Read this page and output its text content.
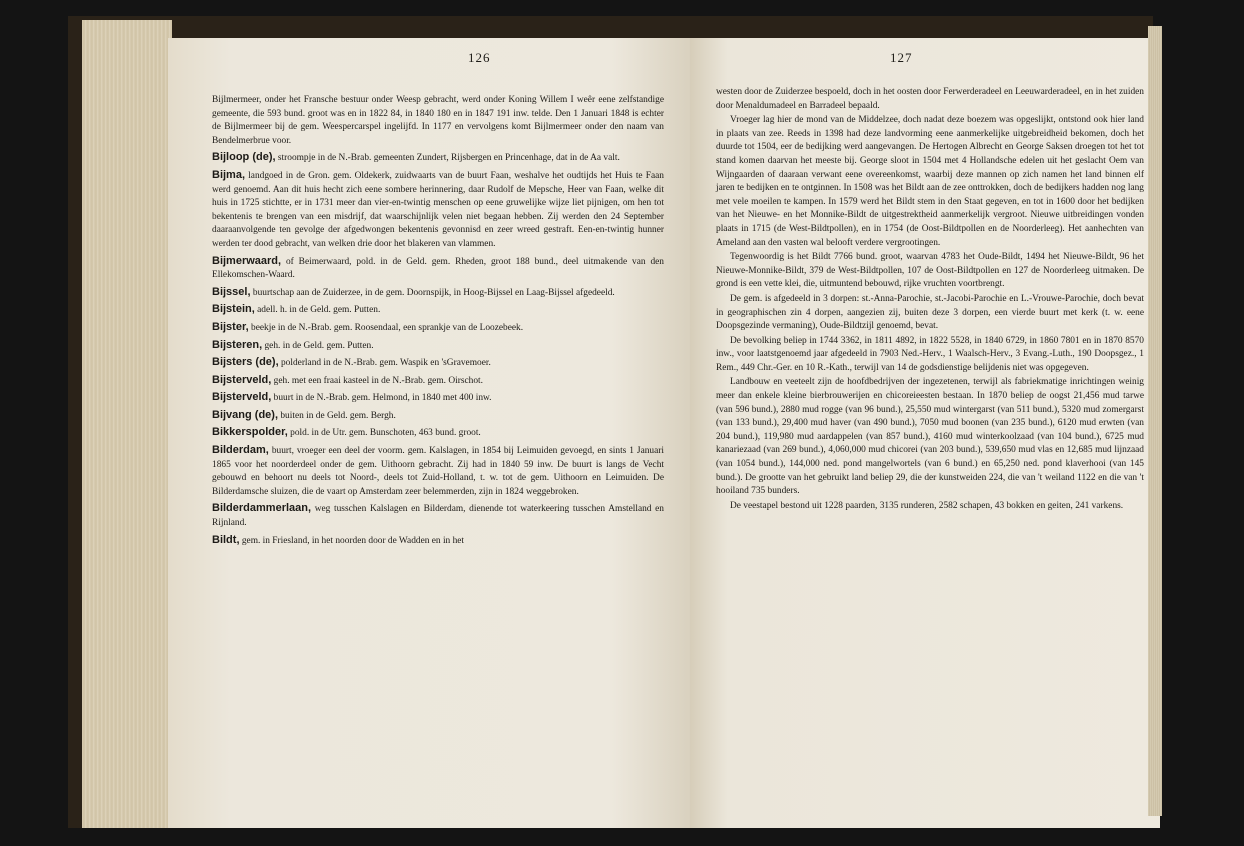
126

Bijlmermeer, onder het Fransche bestuur onder Weesp gebracht, werd onder Koning Willem I weêr eene zelfstandige gemeente, die 593 bund. groot was en in 1822 84, in 1840 180 en in 1847 191 inw. telde. Den 1 Januari 1848 is echter de Bijlmermeer bij de gem. Weespercarspel ingelijfd. In 1177 en vervolgens komt Bijlmermeer onder den naam van Bendelmerbrue voor.

Bijloop (de), stroompje in de N.-Brab. gemeenten Zundert, Rijsbergen en Princenhage, dat in de Aa valt.

Bijma, landgoed in de Gron. gem. Oldekerk, zuidwaarts van de buurt Faan, weshalve het oudtijds het Huis te Faan werd genoemd. Aan dit huis hecht zich eene sombere herinnering, daar Rudolf de Mepsche, Heer van Faan, welke dit huis in 1725 stichtte, er in 1731 meer dan vier-en-twintig menschen op eene gruwelijke wijze liet pijnigen, om hen tot bekentenis te brengen van een misdrijf, dat waarschijnlijk velen niet begaan hebben. Zij werden den 24 September daaraanvolgende ten gevolge der afgedwongen bekentenis gevonnisd en zeer wreed gestraft. Een-en-twintig hunner werden ter dood gebracht, van welken drie door het blakeren van vlammen.

Bijmerwaard, of Beimerwaard, pold. in de Geld. gem. Rheden, groot 188 bund., deel uitmakende van den Ellekomschen-Waard.

Bijssel, buurtschap aan de Zuiderzee, in de gem. Doornspijk, in Hoog-Bijssel en Laag-Bijssel afgedeeld.

Bijstein, adell. h. in de Geld. gem. Putten.

Bijster, beekje in de N.-Brab. gem. Roosendaal, een sprankje van de Loozebeek.

Bijsteren, geh. in de Geld. gem. Putten.

Bijsters (de), polderland in de N.-Brab. gem. Waspik en 'sGravemoer.

Bijsterveld, geh. met een fraai kasteel in de N.-Brab. gem. Oirschot.

Bijsterveld, buurt in de N.-Brab. gem. Helmond, in 1840 met 400 inw.

Bijvang (de), buiten in de Geld. gem. Bergh.

Bikkerspolder, pold. in de Utr. gem. Bunschoten, 463 bund. groot.

Bilderdam, buurt, vroeger een deel der voorm. gem. Kalslagen, in 1854 bij Leimuiden gevoegd, en sints 1 Januari 1865 voor het noorderdeel onder de gem. Uithoorn gebracht. Zij had in 1840 59 inw. De buurt is langs de Vecht gebouwd en behoort nu deels tot Noord-, deels tot Zuid-Holland, t. w. tot de gem. Uithoorn en Leimuiden. De Bilderdamsche sluizen, die de vaart op Amsterdam zeer belemmerden, zijn in 1824 weggebroken.

Bilderdammerlaan, weg tusschen Kalslagen en Bilderdam, dienende tot waterkeering tusschen Amstelland en Rijnland.

Bildt, gem. in Friesland, in het noorden door de Wadden en in het

127

westen door de Zuiderzee bespoeld, doch in het oosten door Ferwerderadeel en Leeuwarderadeel, en in het zuiden door Menaldumadeel en Barradeel bepaald.

Vroeger lag hier de mond van de Middelzee, doch nadat deze boezem was opgeslijkt, ontstond ook hier land in plaats van zee. Reeds in 1398 had deze landvorming eene aanmerkelijke uitgebreidheid bekomen, doch het duurde tot 1504, eer de bedijking werd aangevangen. De Hertogen Albrecht en George Saksen droegen tot het tot stand komen daarvan het meeste bij. George sloot in 1504 met 4 Hollandsche edelen uit het geslacht Oem van Wijngaarden of daaraan verwant eene overeenkomst, waarbij deze mannen op zich namen het land binnen elf jaren te bedijken en te ontginnen. In 1508 was het Bildt aan de zee onttrokken, doch de bedijkers hadden nog lang met vele moeilen te kampen. In 1579 werd het Bildt stem in den Staat gegeven, en tot in 1600 door het bedijken van het Nieuwe- en het Monnike-Bildt de uitgestrektheid aanmerkelijk vergroot. Nieuwe uitbreidingen vonden plaats in 1715 (de West-Bildtpollen), en in 1754 (de Oost-Bildtpollen en de Noorderleeg). Het aanhechten van Ameland aan den vasten wal belooft verdere vergrootingen.

Tegenwoordig is het Bildt 7766 bund. groot, waarvan 4783 het Oude-Bildt, 1494 het Nieuwe-Bildt, 96 het Nieuwe-Monnike-Bildt, 379 de West-Bildtpollen, 107 de Oost-Bildtpollen en 127 de Noorderleeg uitmaken. De grond is een vette klei, die, uitmuntend bebouwd, rijke vruchten voortbrengt.

De gem. is afgedeeld in 3 dorpen: st.-Anna-Parochie, st.-Jacobi-Parochie en L.-Vrouwe-Parochie, doch bevat in geographischen zin 4 dorpen, aangezien zij, buiten deze 3 dorpen, een vierde buurt met kerk (t. w. eene Doopsgezinde vermaning), Oude-Bildtzijl genoemd, bevat.

De bevolking beliep in 1744 3362, in 1811 4892, in 1822 5528, in 1840 6729, in 1860 7801 en in 1870 8570 inw., voor laatstgenoemd jaar afgedeeld in 7903 Ned.-Herv., 1 Waalsch-Herv., 3 Evang.-Luth., 190 Doopsgez., 1 Rem., 449 Chr.-Ger. en 10 R.-Kath., terwijl van 14 de godsdienstige belijdenis niet was opgegeven.

Landbouw en veeteelt zijn de hoofdbedrijven der ingezetenen, terwijl als fabriekmatige inrichtingen weinig meer dan enkele kleine bierbrouwerijen en chicoreieesten bestaan. In 1870 beliep de oogst 21,456 mud tarwe (van 596 bund.), 2880 mud rogge (van 96 bund.), 25,550 mud wintergarst (van 511 bund.), 5320 mud zomergarst (van 133 bund.), 29,400 mud haver (van 490 bund.), 7050 mud boonen (van 235 bund.), 6120 mud erwten (van 204 bund.), 119,980 mud aardappelen (van 857 bund.), 4160 mud winterkoolzaad (van 104 bund.), 6725 mud kanariezaad (van 269 bund.), 4,060,000 mud chicorei (van 203 bund.), 539,650 mud vlas en 12,685 mud lijnzaad (van 1054 bund.), 144,000 ned. pond mangelwortels (van 6 bund.) en 65,250 ned. pond klaverhooi (van 145 bund.). De grootte van het gebruikt land beliep 29, die der kunstweiden 224, die van 't weiland 1122 en die van 't hooiland 735 bunders.

De veestapel bestond uit 1228 paarden, 3135 runderen, 2582 schapen, 43 bokken en geiten, 241 varkens.
